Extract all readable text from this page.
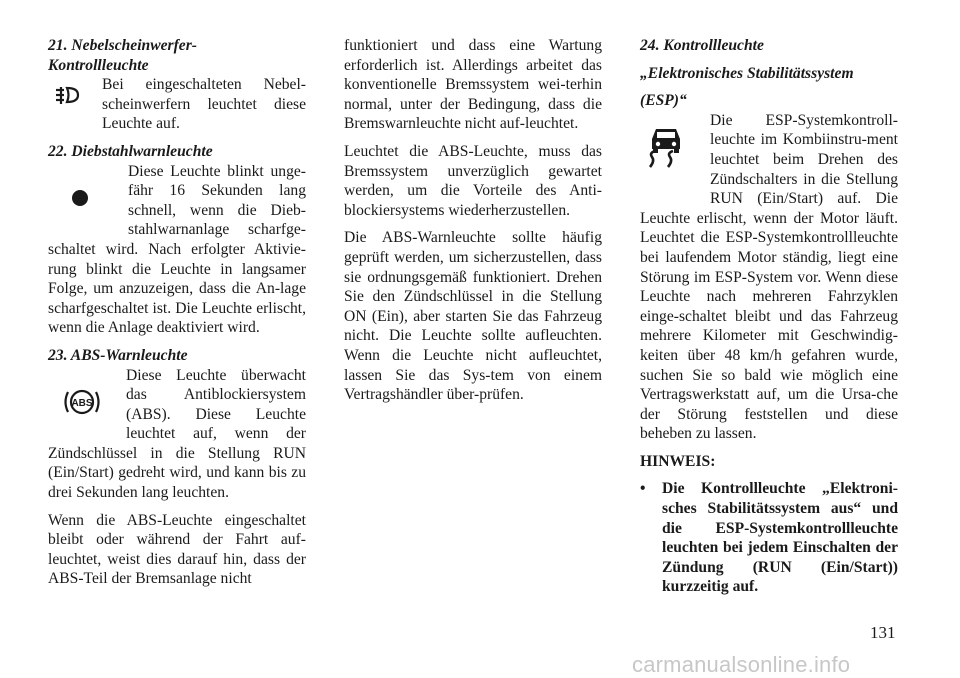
21. Nebelscheinwerfer-

Kontrollleuchte

Bei eingeschalteten Nebel-scheinwerfern leuchtet diese Leuchte auf.

22. Diebstahlwarnleuchte

Diese Leuchte blinkt unge-fähr 16 Sekunden lang schnell, wenn die Dieb-stahlwarnanlage scharfge-schaltet wird. Nach erfolgter Aktivie-rung blinkt die Leuchte in langsamer Folge, um anzuzeigen, dass die An-lage scharfgeschaltet ist. Die Leuchte erlischt, wenn die Anlage deaktiviert wird.

23. ABS-Warnleuchte

ABS

Diese Leuchte überwacht das Antiblockiersystem (ABS). Diese Leuchte leuchtet auf, wenn der Zündschlüssel in die Stellung RUN (Ein/Start) gedreht wird, und kann bis zu drei Sekunden lang leuchten.

Wenn die ABS-Leuchte eingeschaltet bleibt oder während der Fahrt auf-leuchtet, weist dies darauf hin, dass der ABS-Teil der Bremsanlage nicht

funktioniert und dass eine Wartung erforderlich ist. Allerdings arbeitet das konventionelle Bremssystem wei-terhin normal, unter der Bedingung, dass die Bremswarnleuchte nicht auf-leuchtet.

Leuchtet die ABS-Leuchte, muss das Bremssystem unverzüglich gewartet werden, um die Vorteile des Anti-blockiersystems wiederherzustellen.

Die ABS-Warnleuchte sollte häufig geprüft werden, um sicherzustellen, dass sie ordnungsgemäß funktioniert. Drehen Sie den Zündschlüssel in die Stellung ON (Ein), aber starten Sie das Fahrzeug nicht. Die Leuchte sollte aufleuchten. Wenn die Leuchte nicht aufleuchtet, lassen Sie das Sys-tem von einem Vertragshändler über-prüfen.

24. Kontrollleuchte

„Elektronisches Stabilitätssystem

(ESP)“

Die ESP-Systemkontroll-leuchte im Kombiinstru-ment leuchtet beim Drehen des Zündschalters in die Stellung RUN (Ein/Start) auf. Die Leuchte erlischt, wenn der Motor läuft. Leuchtet die ESP-Systemkontrollleuchte bei laufendem Motor ständig, liegt eine Störung im ESP-System vor. Wenn diese Leuchte nach mehreren Fahrzyklen einge-schaltet bleibt und das Fahrzeug mehrere Kilometer mit Geschwindig-keiten über 48 km/h gefahren wurde, suchen Sie so bald wie möglich eine Vertragswerkstatt auf, um die Ursa-che der Störung feststellen und diese beheben zu lassen.

HINWEIS:

• Die Kontrollleuchte „Elektroni-sches Stabilitätssystem aus“ und die ESP-Systemkontrollleuchte leuchten bei jedem Einschalten der Zündung (RUN (Ein/Start)) kurzzeitig auf.

131
carmanualsonline.info
